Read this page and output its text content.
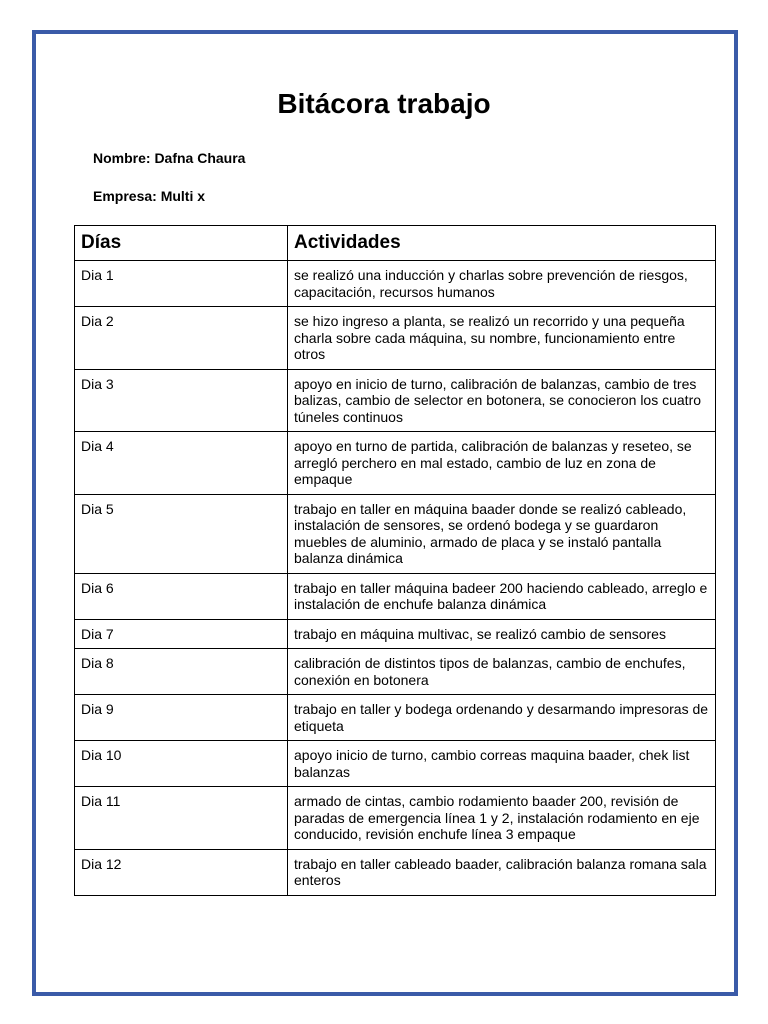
Bitácora trabajo
Nombre: Dafna Chaura
Empresa: Multi x
Días	Actividades
Dia 1	se realizó una inducción y charlas sobre prevención de riesgos, capacitación, recursos humanos
Dia 2	se hizo ingreso a planta, se realizó un recorrido y una pequeña charla sobre cada máquina, su nombre, funcionamiento entre otros
Dia 3	apoyo en inicio de turno, calibración de balanzas, cambio de tres balizas, cambio de selector en botonera, se conocieron los cuatro túneles continuos
Dia 4	apoyo en turno de partida, calibración de balanzas y reseteo, se arregló perchero en mal estado, cambio de luz en zona de empaque
Dia 5	trabajo en taller en máquina baader donde se realizó cableado, instalación de sensores, se ordenó bodega y se guardaron muebles de aluminio, armado de placa y se instaló pantalla balanza dinámica
Dia 6	trabajo en taller máquina badeer 200 haciendo cableado, arreglo e instalación de enchufe balanza dinámica
Dia 7	trabajo en máquina multivac, se realizó cambio de sensores
Dia 8	calibración de distintos tipos de balanzas, cambio de enchufes, conexión en botonera
Dia 9	trabajo en taller y bodega ordenando y desarmando impresoras de etiqueta
Dia 10	apoyo inicio de turno, cambio correas maquina baader, chek list balanzas
Dia 11	armado de cintas, cambio rodamiento baader 200, revisión de paradas de emergencia línea 1 y 2, instalación rodamiento en eje conducido, revisión enchufe línea 3 empaque
Dia 12	trabajo en taller cableado baader, calibración balanza romana sala enteros
